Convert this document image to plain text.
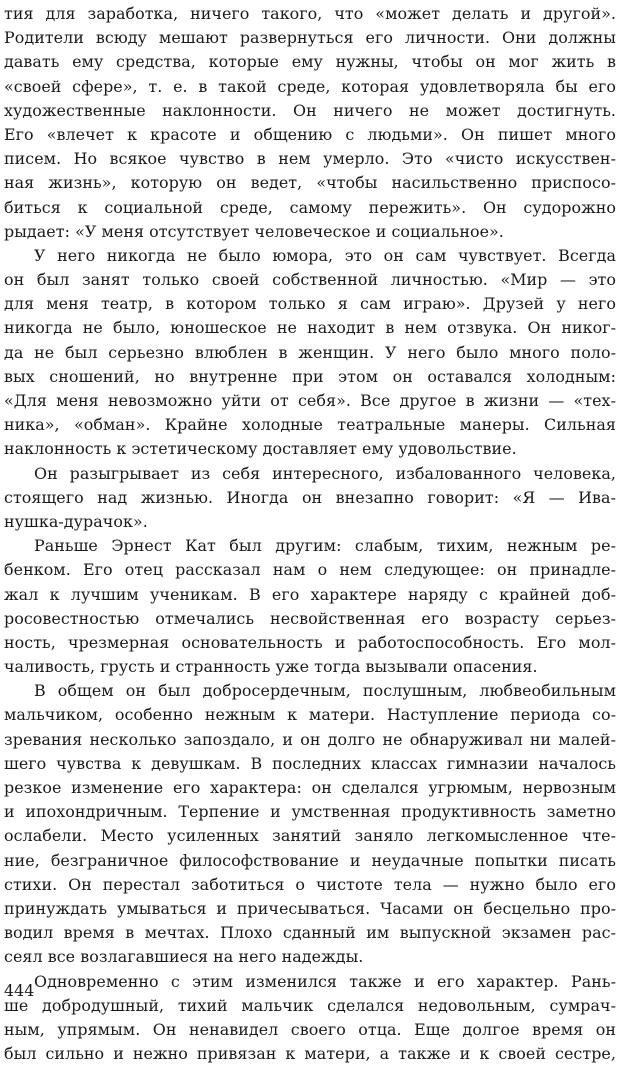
тия для заработка, ничего такого, что «может делать и другой».
Родители всюду мешают развернуться его личности. Они должны
давать ему средства, которые ему нужны, чтобы он мог жить в
«своей сфере», т. е. в такой среде, которая удовлетворяла бы его
художественные наклонности. Он ничего не может достигнуть.
Его «влечет к красоте и общению с людьми». Он пишет много
писем. Но всякое чувство в нем умерло. Это «чисто искусствен-
ная жизнь», которую он ведет, «чтобы насильственно приспосо-
биться к социальной среде, самому пережить». Он судорожно
рыдает: «У меня отсутствует человеческое и социальное».
У него никогда не было юмора, это он сам чувствует. Всегда
он был занят только своей собственной личностью. «Мир — это
для меня театр, в котором только я сам играю». Друзей у него
никогда не было, юношеское не находит в нем отзвука. Он никог-
да не был серьезно влюблен в женщин. У него было много поло-
вых сношений, но внутренне при этом он оставался холодным:
«Для меня невозможно уйти от себя». Все другое в жизни — «тех-
ника», «обман». Крайне холодные театральные манеры. Сильная
наклонность к эстетическому доставляет ему удовольствие.
Он разыгрывает из себя интересного, избалованного человека,
стоящего над жизнью. Иногда он внезапно говорит: «Я — Ива-
нушка-дурачок».
Раньше Эрнест Кат был другим: слабым, тихим, нежным ре-
бенком. Его отец рассказал нам о нем следующее: он принадле-
жал к лучшим ученикам. В его характере наряду с крайней доб-
росовестностью отмечались несвойственная его возрасту серьез-
ность, чрезмерная основательность и работоспособность. Его мол-
чаливость, грусть и странность уже тогда вызывали опасения.
В общем он был добросердечным, послушным, любвеобильным
мальчиком, особенно нежным к матери. Наступление периода со-
зревания несколько запоздало, и он долго не обнаруживал ни малей-
шего чувства к девушкам. В последних классах гимназии началось
резкое изменение его характера: он сделался угрюмым, нервозным
и ипохондричным. Терпение и умственная продуктивность заметно
ослабели. Место усиленных занятий заняло легкомысленное чте-
ние, безграничное философствование и неудачные попытки писать
стихи. Он перестал заботиться о чистоте тела — нужно было его
принуждать умываться и причесываться. Часами он бесцельно про-
водил время в мечтах. Плохо сданный им выпускной экзамен рас-
сеял все возлагавшиеся на него надежды.
Одновременно с этим изменился также и его характер. Рань-
ше добродушный, тихий мальчик сделался недовольным, сумрач-
ным, упрямым. Он ненавидел своего отца. Еще долгое время он
был сильно и нежно привязан к матери, а также и к своей сестре,
444
